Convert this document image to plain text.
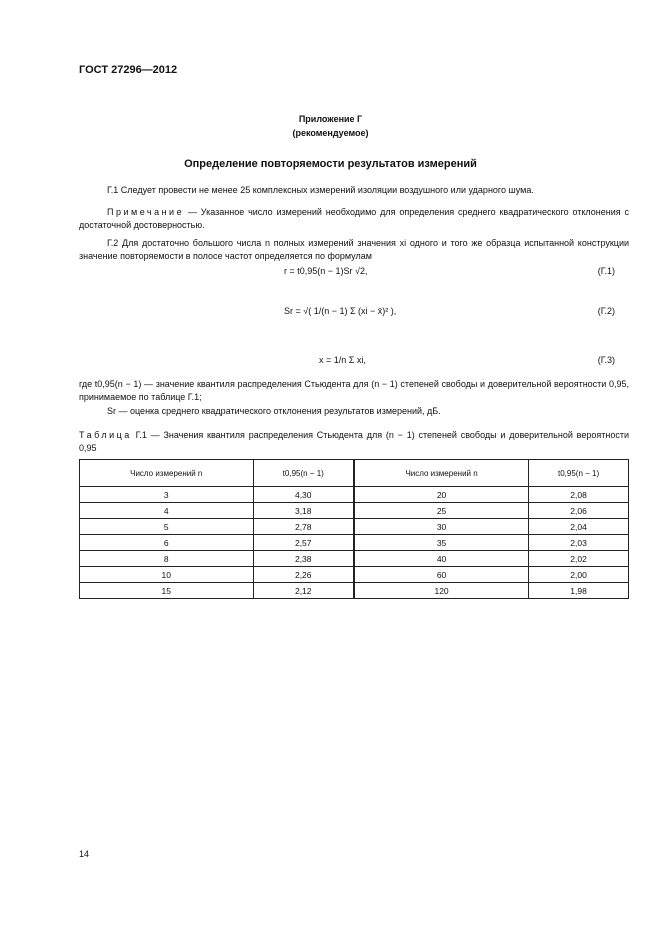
ГОСТ 27296—2012
Приложение Г
(рекомендуемое)
Определение повторяемости результатов измерений
Г.1 Следует провести не менее 25 комплексных измерений изоляции воздушного или ударного шума.
Примечание — Указанное число измерений необходимо для определения среднего квадратического отклонения с достаточной достоверностью.
Г.2 Для достаточно большого числа n полных измерений значения xi одного и того же образца испытанной конструкции значение повторяемости в полосе частот определяется по формулам
r = t0,95(n − 1)Sr √2,	(Г.1)
Sr = √( 1/(n − 1) Σ (xi − x̄)² ),	(Г.2)
x = 1/n Σ xi,	(Г.3)
где t0,95(n − 1) — значение квантиля распределения Стьюдента для (n − 1) степеней свободы и доверительной вероятности 0,95, принимаемое по таблице Г.1;
Sr — оценка среднего квадратического отклонения результатов измерений, дБ.
Таблица Г.1 — Значения квантиля распределения Стьюдента для (n − 1) степеней свободы и доверительной вероятности 0,95
Число измерений n	t0,95(n − 1)	Число измерений n	t0,95(n − 1)
3	4,30	20	2,08
4	3,18	25	2,06
5	2,78	30	2,04
6	2,57	35	2,03
8	2,38	40	2,02
10	2,26	60	2,00
15	2,12	120	1,98
14
